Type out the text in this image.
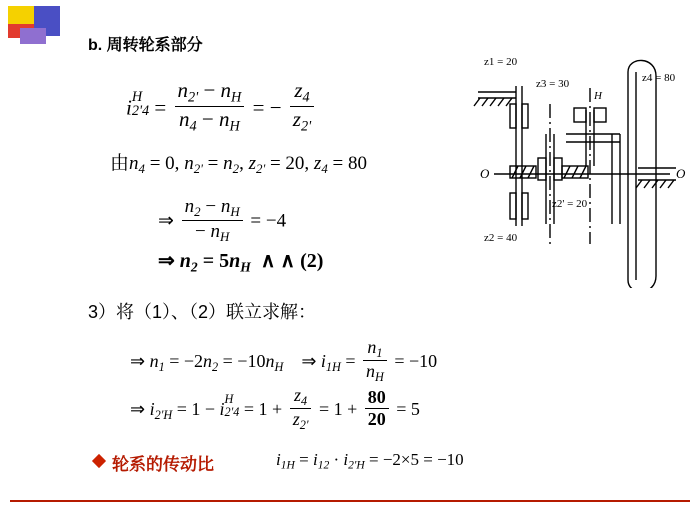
b. 周转轮系部分
i H
$2'4 = \frac{n_{2'} - n_H}{n_4 - n_H}$ = − $\frac{z_4}{z_{2'}}$
由$n_4 = 0$, $n_{2'} = n_2$, $z_{2'} = 20$, $z_4 = 80$
⇒ $\frac{n_2 - n_H}{- n_H} = -4$
⇒ $n_2 = 5n_H$  ∧ ∧ (2)
3）将（1）、（2）联立求解：
⇒ $n_1 = -2n_2 = -10n_H$ ⇒ $i_{1H} = \frac{n_1}{n_H} = -10$
⇒ $i_{2'H} = 1 - i$ H
$2'4 = 1 + \frac{z_4}{z_{2'}} = 1 + \frac{80}{20} = 5$
轮系的传动比	$i_{1H} = i_{12} \cdot i_{2'H} = -2\times 5 = -10$
z1 = 20
z2 = 40
z3 = 30
z2' = 20
z4 = 80
H
O	O
